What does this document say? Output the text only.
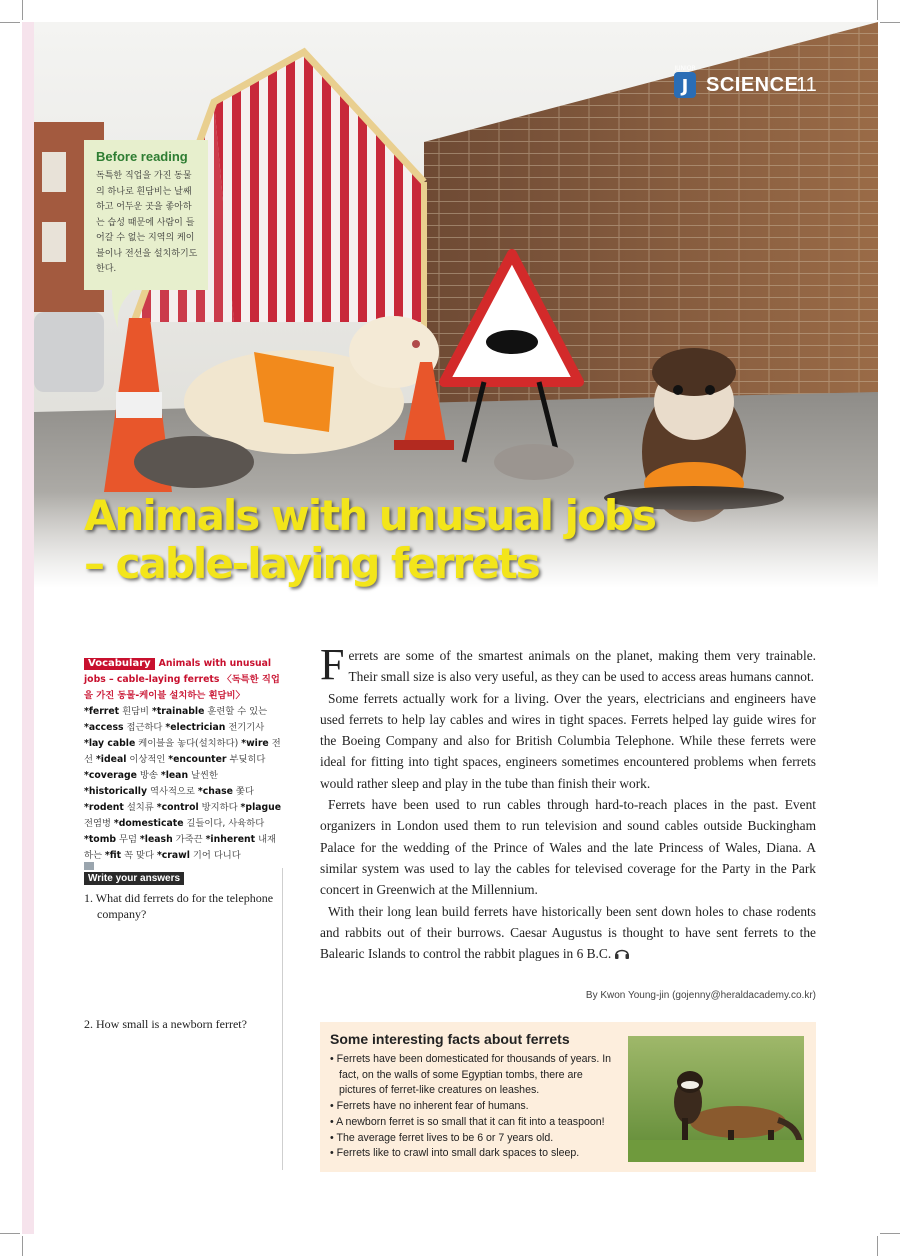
J
JUNIOR
SCIENCE
11
Before reading
독특한 직업을 가진 동물의 하나로 흰담비는 날쌔하고 어두운 곳을 좋아하는 습성 때문에 사람이 들어갈 수 없는 지역의 케이블이나 전선을 설치하기도 한다.
Animals with unusual jobs
– cable-laying ferrets
Vocabulary Animals with unusual jobs – cable-laying ferrets 〈독특한 직업을 가진 동물-케이블 설치하는 흰담비〉 *ferret 흰담비 *trainable 훈련할 수 있는 *access 접근하다 *electrician 전기기사 *lay cable 케이블을 놓다(설치하다) *wire 전선 *ideal 이상적인 *encounter 부딪히다 *coverage 방송 *lean 날씬한 *historically 역사적으로 *chase 쫓다 *rodent 설치류 *control 방지하다 *plague 전염병 *domesticate 길들이다, 사육하다 *tomb 무덤 *leash 가죽끈 *inherent 내재하는 *fit 꼭 맞다 *crawl 기어 다니다
Write your answers
1. What did ferrets do for the telephone company?
2. How small is a newborn ferret?

Ferrets are some of the smartest animals on the planet, making them very trainable. Their small size is also very useful, as they can be used to access areas humans cannot.

Some ferrets actually work for a living. Over the years, electricians and engineers have used ferrets to help lay cables and wires in tight spaces. Ferrets helped lay guide wires for the Boeing Company and also for British Columbia Telephone. While these ferrets were ideal for fitting into tight spaces, engineers sometimes encountered problems when ferrets would rather sleep and play in the tube than finish their work.

Ferrets have been used to run cables through hard-to-reach places in the past. Event organizers in London used them to run television and sound cables outside Buckingham Palace for the wedding of the Prince of Wales and the late Princess of Wales, Diana. A similar system was used to lay the cables for televised coverage for the Party in the Park concert in Greenwich at the Millennium.

With their long lean build ferrets have historically been sent down holes to chase rodents and rabbits out of their burrows. Caesar Augustus is thought to have sent ferrets to the Balearic Islands to control the rabbit plagues in 6 B.C.

By Kwon Young-jin (gojenny@heraldacademy.co.kr)
Some interesting facts about ferrets
• Ferrets have been domesticated for thousands of years. In fact, on the walls of some Egyptian tombs, there are pictures of ferret-like creatures on leashes.
• Ferrets have no inherent fear of humans.
• A newborn ferret is so small that it can fit into a teaspoon!
• The average ferret lives to be 6 or 7 years old.
• Ferrets like to crawl into small dark spaces to sleep.
